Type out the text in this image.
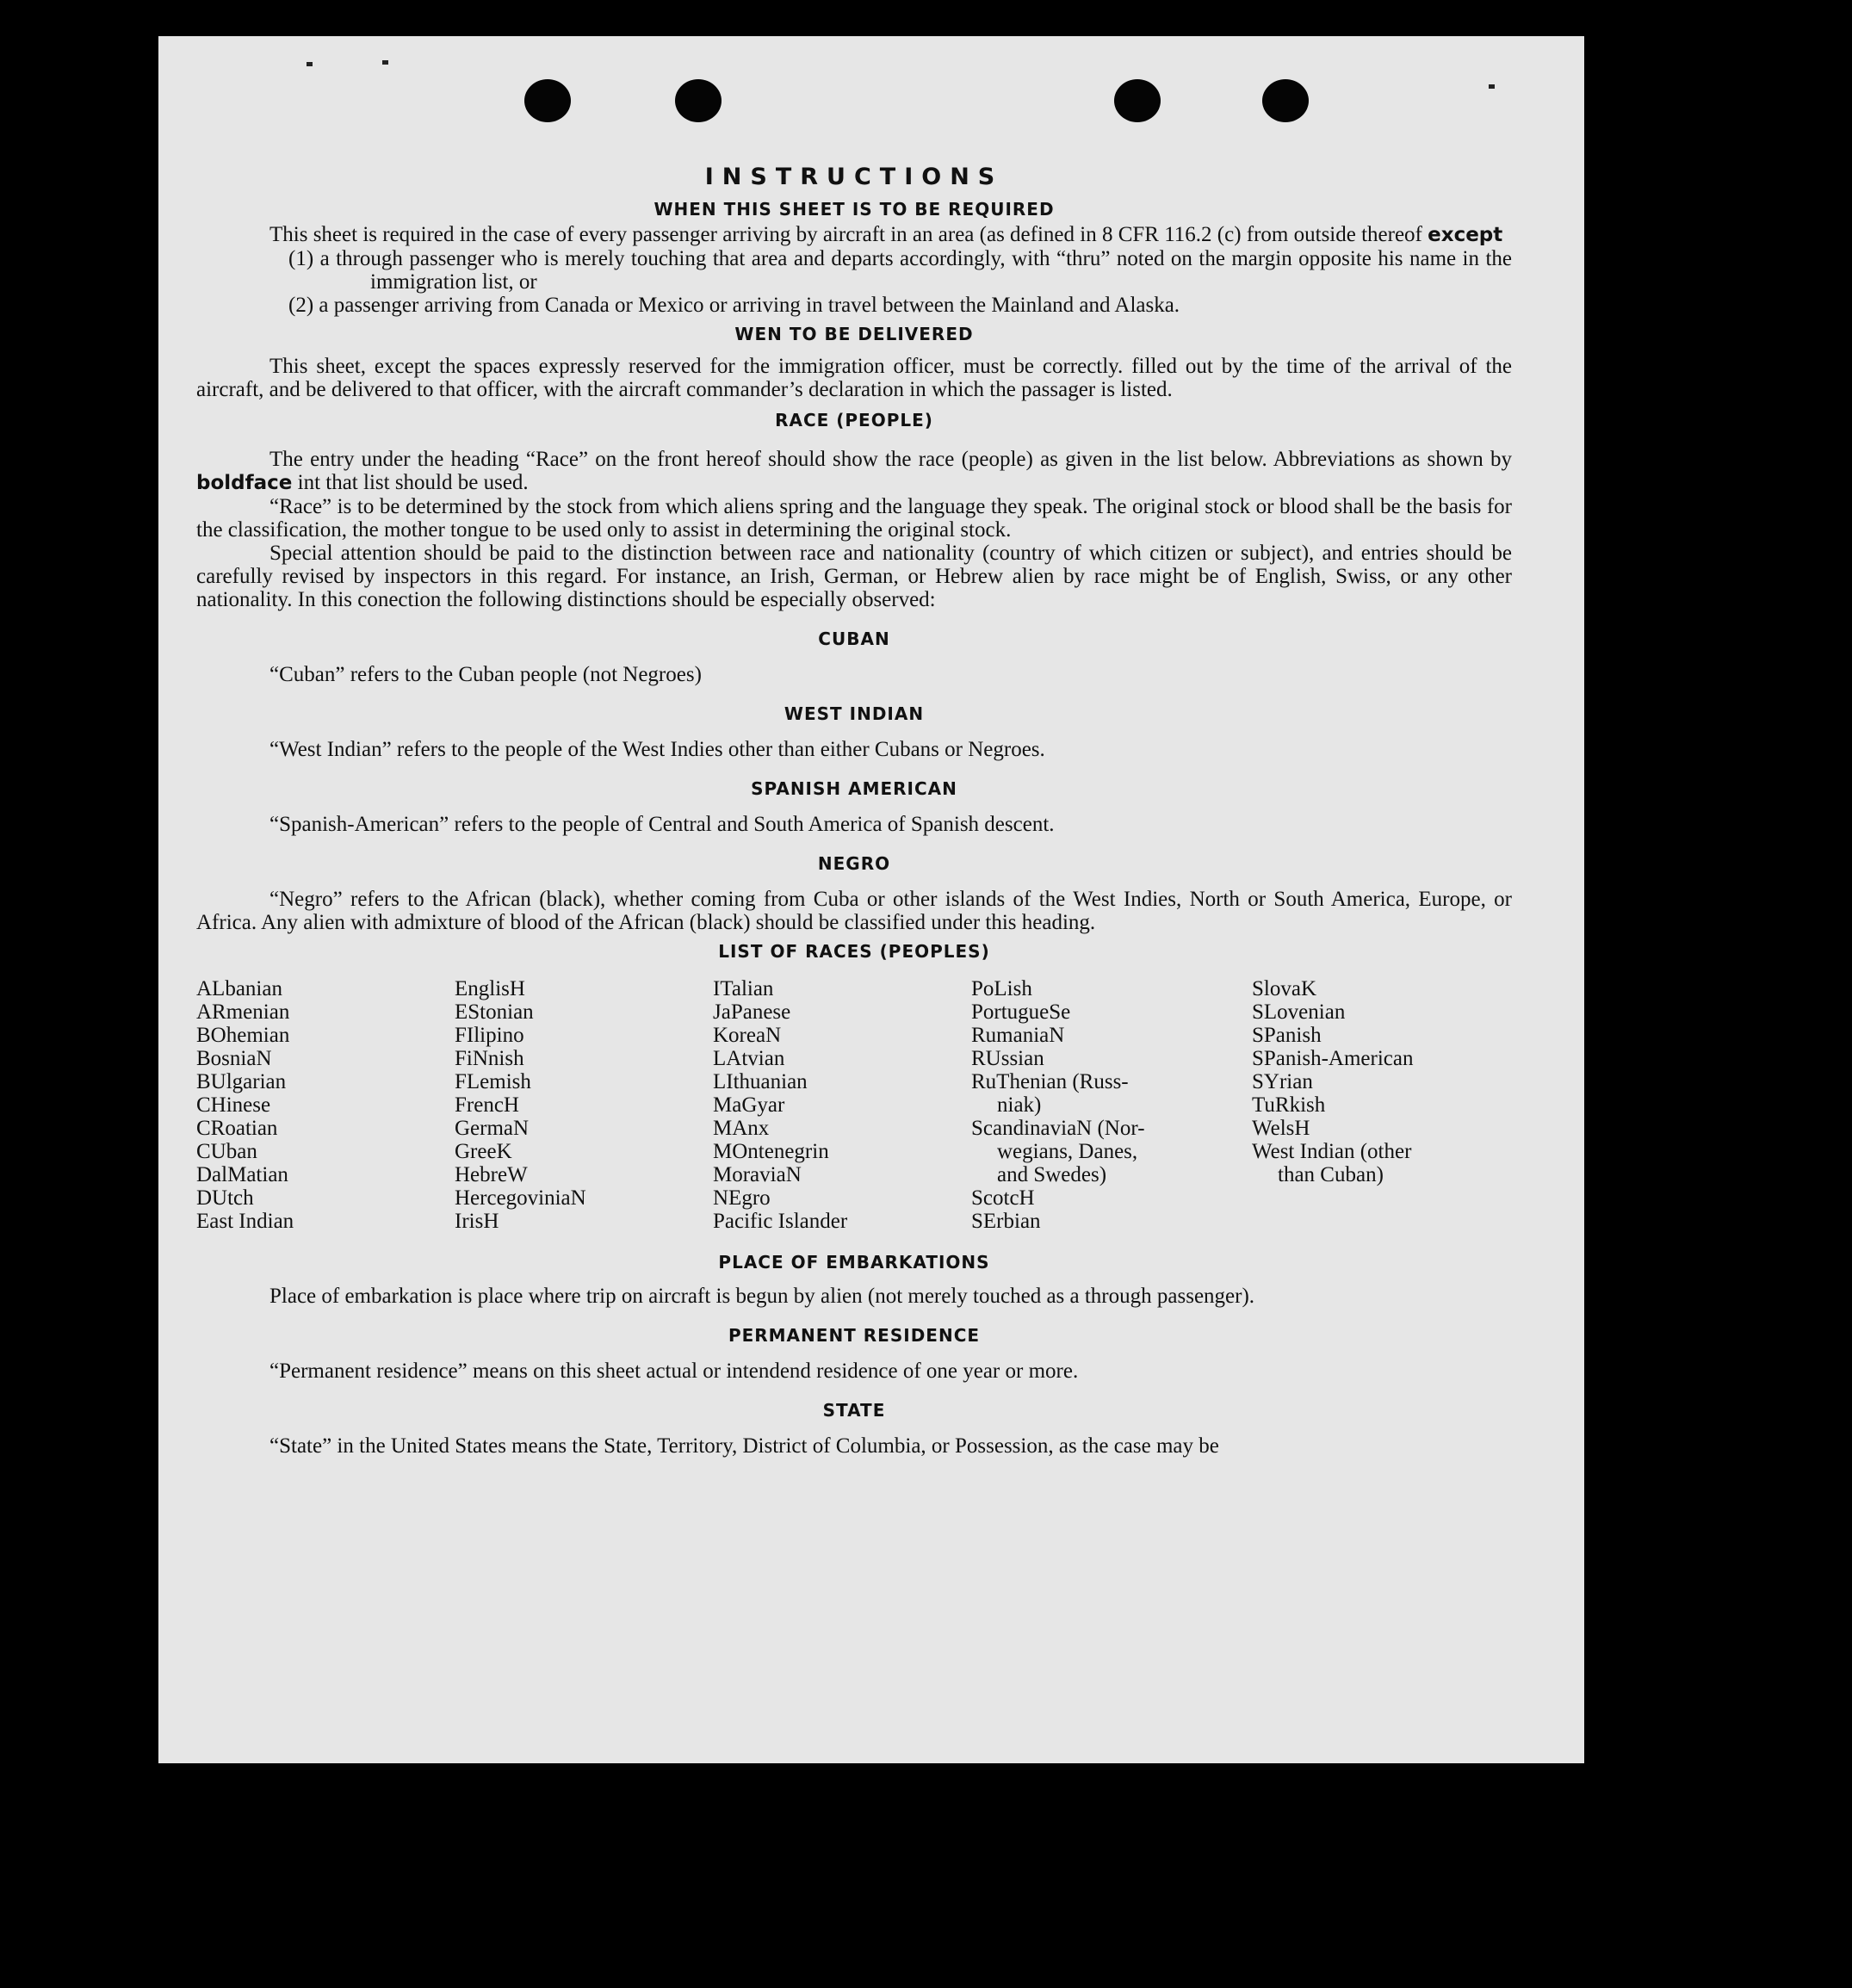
INSTRUCTIONS
WHEN THIS SHEET IS TO BE REQUIRED

This sheet is required in the case of every passenger arriving by aircraft in an area (as defined in 8 CFR 116.2 (c) from outside thereof except

(1) a through passenger who is merely touching that area and departs accordingly, with “thru” noted on the margin opposite his name in the immigration list, or

(2) a passenger arriving from Canada or Mexico or arriving in travel between the Mainland and Alaska.

WEN TO BE DELIVERED

This sheet, except the spaces expressly reserved for the immigration officer, must be correctly. filled out by the time of the arrival of the aircraft, and be delivered to that officer, with the aircraft commander’s declaration in which the passager is listed.

RACE (PEOPLE)

The entry under the heading “Race” on the front hereof should show the race (people) as given in the list below. Abbreviations as shown by boldface int that list should be used.

“Race” is to be determined by the stock from which aliens spring and the language they speak. The original stock or blood shall be the basis for the classification, the mother tongue to be used only to assist in determining the original stock.

Special attention should be paid to the distinction between race and nationality (country of which citizen or subject), and entries should be carefully revised by inspectors in this regard. For instance, an Irish, German, or Hebrew alien by race might be of English, Swiss, or any other nationality. In this conection the following distinctions should be especially observed:

CUBAN

“Cuban” refers to the Cuban people (not Negroes)

WEST INDIAN

“West Indian” refers to the people of the West Indies other than either Cubans or Negroes.

SPANISH AMERICAN

“Spanish-American” refers to the people of Central and South America of Spanish descent.

NEGRO

“Negro” refers to the African (black), whether coming from Cuba or other islands of the West Indies, North or South America, Europe, or Africa. Any alien with admixture of blood of the African (black) should be classified under this heading.

LIST OF RACES (PEOPLES)
ALbanian
ARmenian
BOhemian
BosniaN
BUlgarian
CHinese
CRoatian
CUban
DalMatian
DUtch
East Indian
EnglisH
EStonian
FIlipino
FiNnish
FLemish
FrencH
GermaN
GreeK
HebreW
HercegoviniaN
IrisH
ITalian
JaPanese
KoreaN
LAtvian
LIthuanian
MaGyar
MAnx
MOntenegrin
MoraviaN
NEgro
Pacific Islander
PoLish
PortugueSe
RumaniaN
RUssian
RuThenian (Russ-
niak)
ScandinaviaN (Nor-
wegians, Danes,
and Swedes)
ScotcH
SErbian
SlovaK
SLovenian
SPanish
SPanish-American
SYrian
TuRkish
WelsH
West Indian (other
than Cuban)
PLACE OF EMBARKATIONS

Place of embarkation is place where trip on aircraft is begun by alien (not merely touched as a through passenger).

PERMANENT RESIDENCE

“Permanent residence” means on this sheet actual or intendend residence of one year or more.

STATE

“State” in the United States means the State, Territory, District of Columbia, or Possession, as the case may be
